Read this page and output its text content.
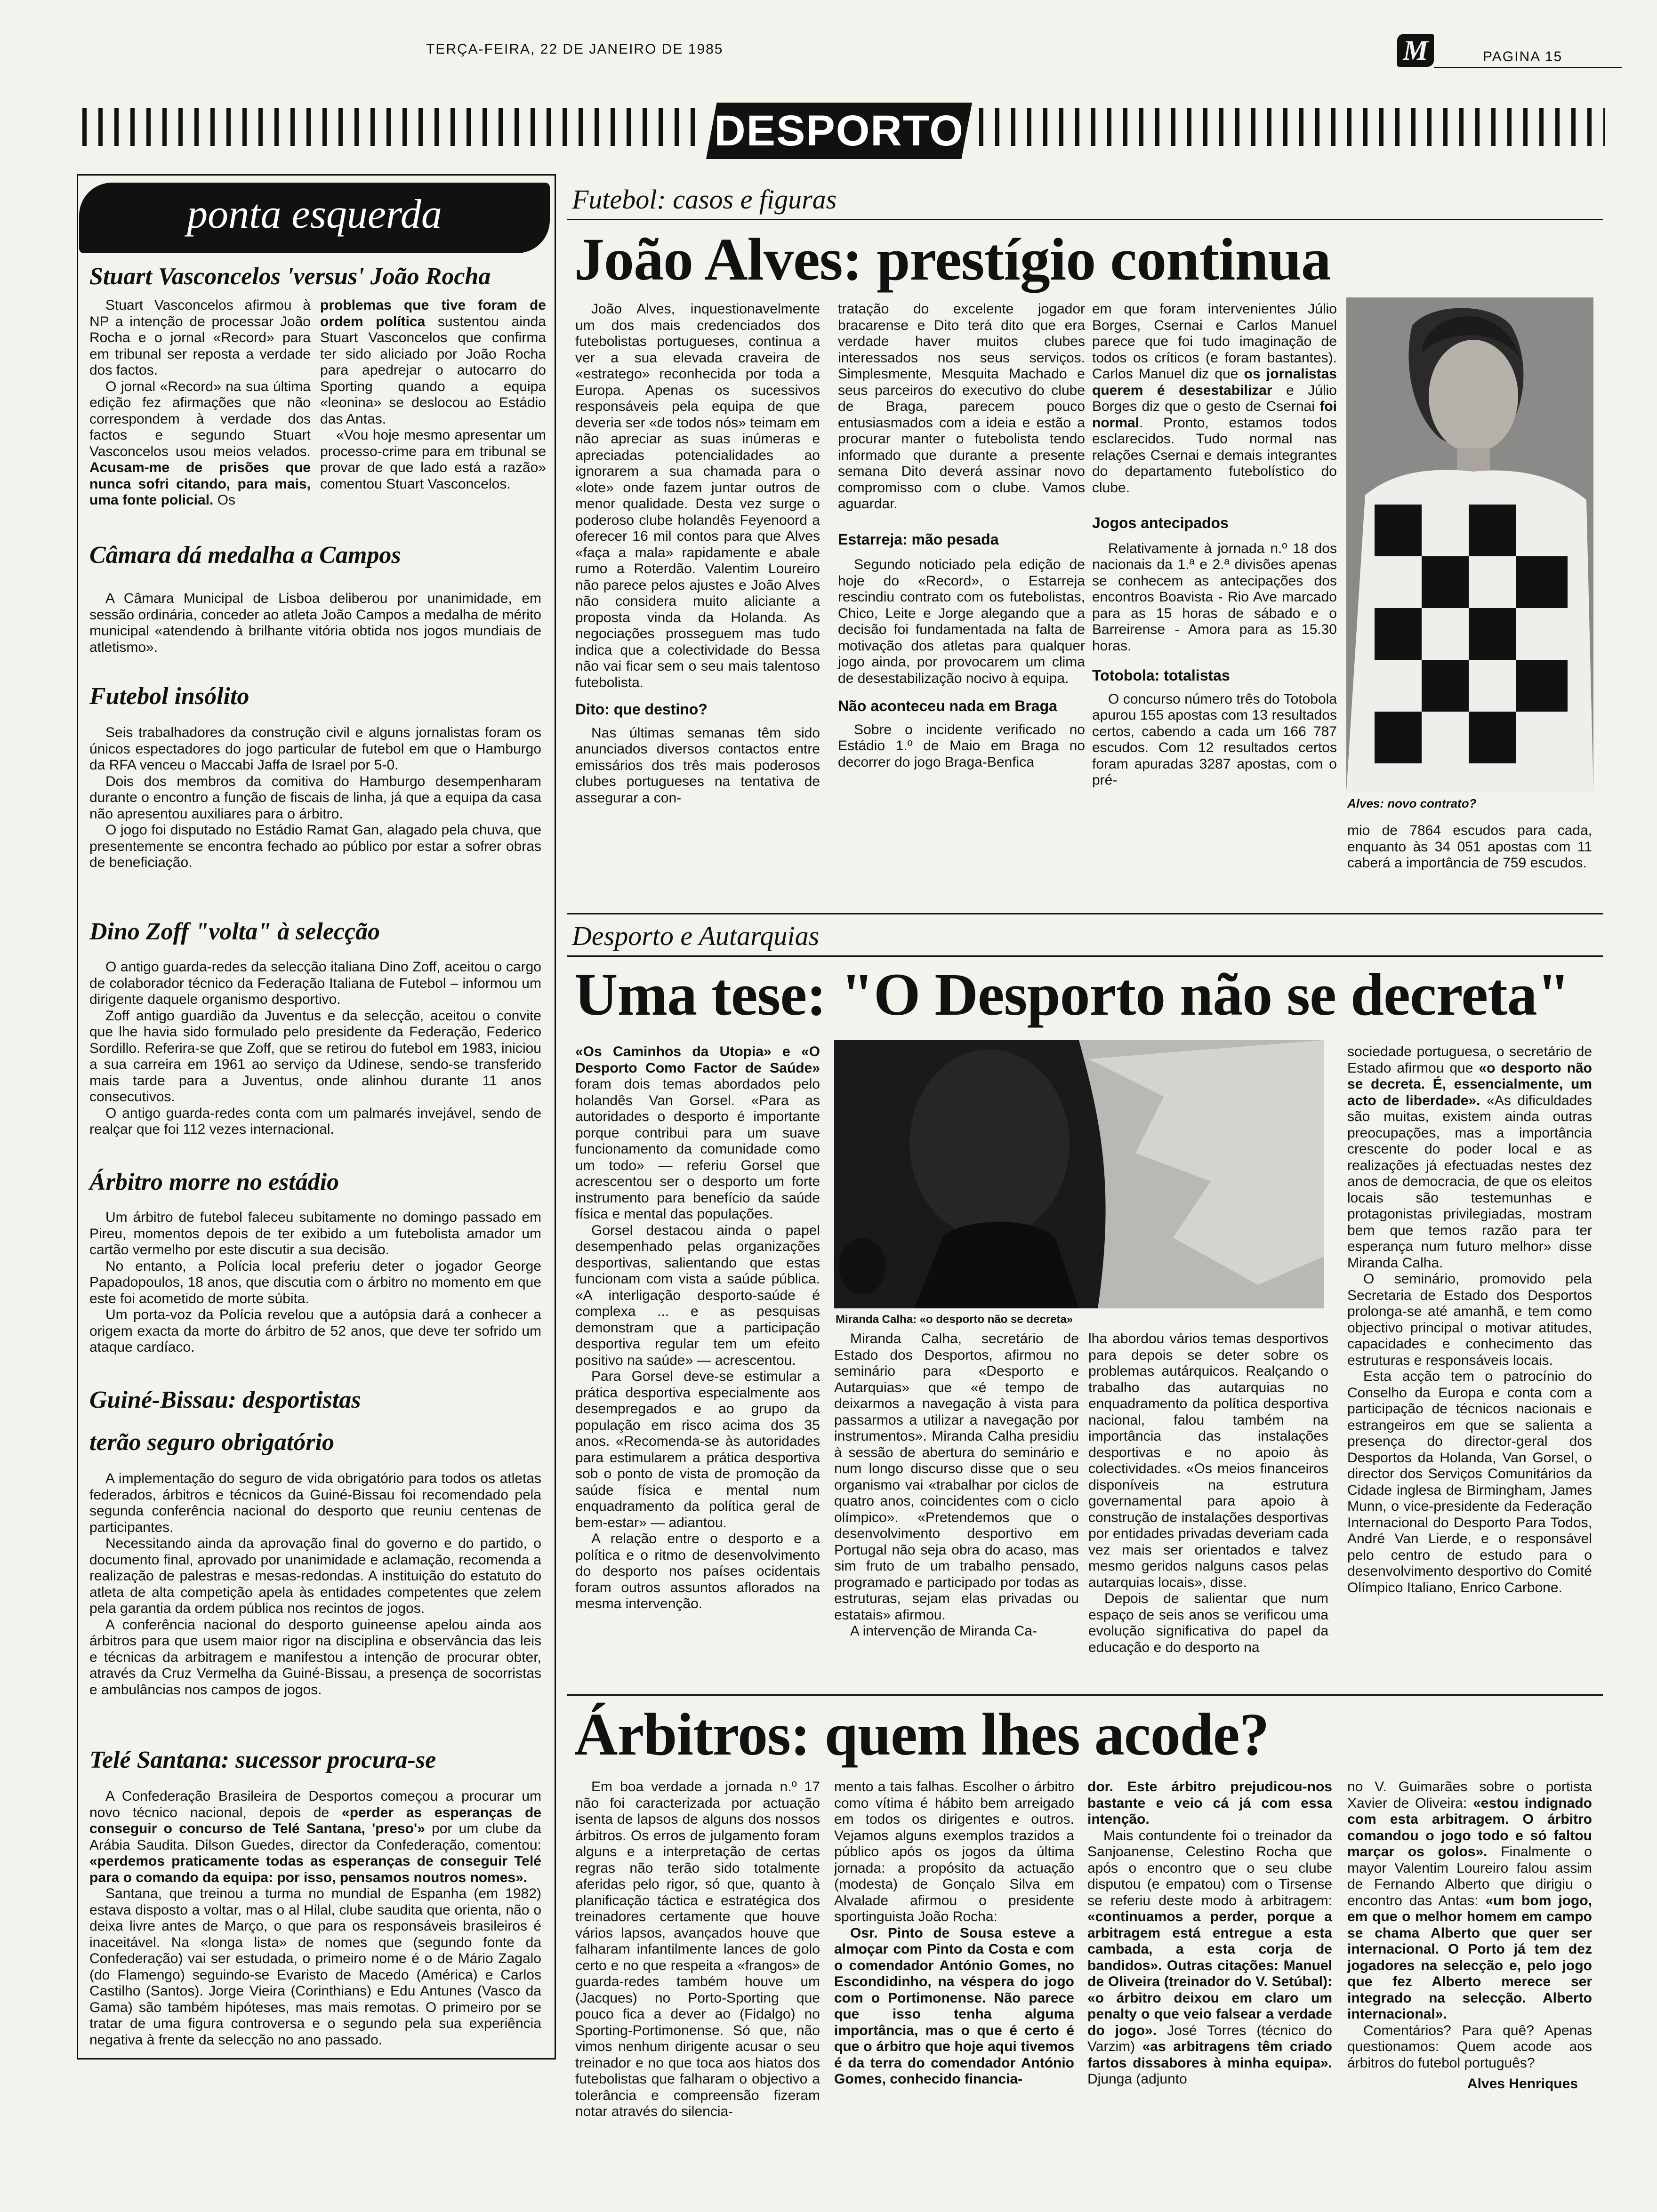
TERÇA-FEIRA, 22 DE JANEIRO DE 1985	M	PAGINA 15
DESPORTO
ponta esquerda
Stuart Vasconcelos 'versus' João Rocha

Stuart Vasconcelos afirmou à NP a intenção de processar João Rocha e o jornal «Record» para em tribunal ser reposta a verdade dos factos.

O jornal «Record» na sua última edição fez afirmações que não correspondem à verdade dos factos e segundo Stuart Vasconcelos usou meios velados. Acusam-me de prisões que nunca sofri citando, para mais, uma fonte policial. Os

problemas que tive foram de ordem política sustentou ainda Stuart Vasconcelos que confirma ter sido aliciado por João Rocha para apedrejar o autocarro do Sporting quando a equipa «leonina» se deslocou ao Estádio das Antas.

«Vou hoje mesmo apresentar um processo-crime para em tribunal se provar de que lado está a razão» comentou Stuart Vasconcelos.

Câmara dá medalha a Campos

A Câmara Municipal de Lisboa deliberou por unanimidade, em sessão ordinária, conceder ao atleta João Campos a medalha de mérito municipal «atendendo à brilhante vitória obtida nos jogos mundiais de atletismo».

Futebol insólito

Seis trabalhadores da construção civil e alguns jornalistas foram os únicos espectadores do jogo particular de futebol em que o Hamburgo da RFA venceu o Maccabi Jaffa de Israel por 5-0.

Dois dos membros da comitiva do Hamburgo desempenharam durante o encontro a função de fiscais de linha, já que a equipa da casa não apresentou auxiliares para o árbitro.

O jogo foi disputado no Estádio Ramat Gan, alagado pela chuva, que presentemente se encontra fechado ao público por estar a sofrer obras de beneficiação.

Dino Zoff "volta" à selecção

O antigo guarda-redes da selecção italiana Dino Zoff, aceitou o cargo de colaborador técnico da Federação Italiana de Futebol – informou um dirigente daquele organismo desportivo.

Zoff antigo guardião da Juventus e da selecção, aceitou o convite que lhe havia sido formulado pelo presidente da Federação, Federico Sordillo. Referira-se que Zoff, que se retirou do futebol em 1983, iniciou a sua carreira em 1961 ao serviço da Udinese, sendo-se transferido mais tarde para a Juventus, onde alinhou durante 11 anos consecutivos.

O antigo guarda-redes conta com um palmarés invejável, sendo de realçar que foi 112 vezes internacional.

Árbitro morre no estádio

Um árbitro de futebol faleceu subitamente no domingo passado em Pireu, momentos depois de ter exibido a um futebolista amador um cartão vermelho por este discutir a sua decisão.

No entanto, a Polícia local preferiu deter o jogador George Papadopoulos, 18 anos, que discutia com o árbitro no momento em que este foi acometido de morte súbita.

Um porta-voz da Polícia revelou que a autópsia dará a conhecer a origem exacta da morte do árbitro de 52 anos, que deve ter sofrido um ataque cardíaco.

Guiné-Bissau: desportistas
terão seguro obrigatório

A implementação do seguro de vida obrigatório para todos os atletas federados, árbitros e técnicos da Guiné-Bissau foi recomendado pela segunda conferência nacional do desporto que reuniu centenas de participantes.

Necessitando ainda da aprovação final do governo e do partido, o documento final, aprovado por unanimidade e aclamação, recomenda a realização de palestras e mesas-redondas. A instituição do estatuto do atleta de alta competição apela às entidades competentes que zelem pela garantia da ordem pública nos recintos de jogos.

A conferência nacional do desporto guineense apelou ainda aos árbitros para que usem maior rigor na disciplina e observância das leis e técnicas da arbitragem e manifestou a intenção de procurar obter, através da Cruz Vermelha da Guiné-Bissau, a presença de socorristas e ambulâncias nos campos de jogos.

Telé Santana: sucessor procura-se

A Confederação Brasileira de Desportos começou a procurar um novo técnico nacional, depois de «perder as esperanças de conseguir o concurso de Telé Santana, 'preso'» por um clube da Arábia Saudita. Dilson Guedes, director da Confederação, comentou: «perdemos praticamente todas as esperanças de conseguir Telé para o comando da equipa: por isso, pensamos noutros nomes».

Santana, que treinou a turma no mundial de Espanha (em 1982) estava disposto a voltar, mas o al Hilal, clube saudita que orienta, não o deixa livre antes de Março, o que para os responsáveis brasileiros é inaceitável. Na «longa lista» de nomes que (segundo fonte da Confederação) vai ser estudada, o primeiro nome é o de Mário Zagalo (do Flamengo) seguindo-se Evaristo de Macedo (América) e Carlos Castilho (Santos). Jorge Vieira (Corinthians) e Edu Antunes (Vasco da Gama) são também hipóteses, mas mais remotas. O primeiro por se tratar de uma figura controversa e o segundo pela sua experiência negativa à frente da selecção no ano passado.

Futebol: casos e figuras
João Alves: prestígio continua

João Alves, inquestionavelmente um dos mais credenciados dos futebolistas portugueses, continua a ver a sua elevada craveira de «estratego» reconhecida por toda a Europa. Apenas os sucessivos responsáveis pela equipa de que deveria ser «de todos nós» teimam em não apreciar as suas inúmeras e apreciadas potencialidades ao ignorarem a sua chamada para o «lote» onde fazem juntar outros de menor qualidade. Desta vez surge o poderoso clube holandês Feyenoord a oferecer 16 mil contos para que Alves «faça a mala» rapidamente e abale rumo a Roterdão. Valentim Loureiro não parece pelos ajustes e João Alves não considera muito aliciante a proposta vinda da Holanda. As negociações prosseguem mas tudo indica que a colectividade do Bessa não vai ficar sem o seu mais talentoso futebolista.

Dito: que destino?

Nas últimas semanas têm sido anunciados diversos contactos entre emissários dos três mais poderosos clubes portugueses na tentativa de assegurar a con-

tratação do excelente jogador bracarense e Dito terá dito que era verdade haver muitos clubes interessados nos seus serviços. Simplesmente, Mesquita Machado e seus parceiros do executivo do clube de Braga, parecem pouco entusiasmados com a ideia e estão a procurar manter o futebolista tendo informado que durante a presente semana Dito deverá assinar novo compromisso com o clube. Vamos aguardar.

Estarreja: mão pesada

Segundo noticiado pela edição de hoje do «Record», o Estarreja rescindiu contrato com os futebolistas, Chico, Leite e Jorge alegando que a decisão foi fundamentada na falta de motivação dos atletas para qualquer jogo ainda, por provocarem um clima de desestabilização nocivo à equipa.

Não aconteceu nada em Braga

Sobre o incidente verificado no Estádio 1.º de Maio em Braga no decorrer do jogo Braga-Benfica

em que foram intervenientes Júlio Borges, Csernai e Carlos Manuel parece que foi tudo imaginação de todos os críticos (e foram bastantes). Carlos Manuel diz que os jornalistas querem é desestabilizar e Júlio Borges diz que o gesto de Csernai foi normal. Pronto, estamos todos esclarecidos. Tudo normal nas relações Csernai e demais integrantes do departamento futebolístico do clube.

Jogos antecipados

Relativamente à jornada n.º 18 dos nacionais da 1.ª e 2.ª divisões apenas se conhecem as antecipações dos encontros Boavista - Rio Ave marcado para as 15 horas de sábado e o Barreirense - Amora para as 15.30 horas.

Totobola: totalistas

O concurso número três do Totobola apurou 155 apostas com 13 resultados certos, cabendo a cada um 166 787 escudos. Com 12 resultados certos foram apuradas 3287 apostas, com o pré-

Alves: novo contrato?

mio de 7864 escudos para cada, enquanto às 34 051 apostas com 11 caberá a importância de 759 escudos.

Desporto e Autarquias
Uma tese: "O Desporto não se decreta"

«Os Caminhos da Utopia» e «O Desporto Como Factor de Saúde» foram dois temas abordados pelo holandês Van Gorsel. «Para as autoridades o desporto é importante porque contribui para um suave funcionamento da comunidade como um todo» — referiu Gorsel que acrescentou ser o desporto um forte instrumento para benefício da saúde física e mental das populações.

Gorsel destacou ainda o papel desempenhado pelas organizações desportivas, salientando que estas funcionam com vista a saúde pública. «A interligação desporto-saúde é complexa ... e as pesquisas demonstram que a participação desportiva regular tem um efeito positivo na saúde» — acrescentou.

Para Gorsel deve-se estimular a prática desportiva especialmente aos desempregados e ao grupo da população em risco acima dos 35 anos. «Recomenda-se às autoridades para estimularem a prática desportiva sob o ponto de vista de promoção da saúde física e mental num enquadramento da política geral de bem-estar» — adiantou.

A relação entre o desporto e a política e o ritmo de desenvolvimento do desporto nos países ocidentais foram outros assuntos aflorados na mesma intervenção.

Miranda Calha: «o desporto não se decreta»

Miranda Calha, secretário de Estado dos Desportos, afirmou no seminário para «Desporto e Autarquias» que «é tempo de deixarmos a navegação à vista para passarmos a utilizar a navegação por instrumentos». Miranda Calha presidiu à sessão de abertura do seminário e num longo discurso disse que o seu organismo vai «trabalhar por ciclos de quatro anos, coincidentes com o ciclo olímpico». «Pretendemos que o desenvolvimento desportivo em Portugal não seja obra do acaso, mas sim fruto de um trabalho pensado, programado e participado por todas as estruturas, sejam elas privadas ou estatais» afirmou.

A intervenção de Miranda Ca-

lha abordou vários temas desportivos para depois se deter sobre os problemas autárquicos. Realçando o trabalho das autarquias no enquadramento da política desportiva nacional, falou também na importância das instalações desportivas e no apoio às colectividades. «Os meios financeiros disponíveis na estrutura governamental para apoio à construção de instalações desportivas por entidades privadas deveriam cada vez mais ser orientados e talvez mesmo geridos nalguns casos pelas autarquias locais», disse.

Depois de salientar que num espaço de seis anos se verificou uma evolução significativa do papel da educação e do desporto na

sociedade portuguesa, o secretário de Estado afirmou que «o desporto não se decreta. É, essencialmente, um acto de liberdade». «As dificuldades são muitas, existem ainda outras preocupações, mas a importância crescente do poder local e as realizações já efectuadas nestes dez anos de democracia, de que os eleitos locais são testemunhas e protagonistas privilegiadas, mostram bem que temos razão para ter esperança num futuro melhor» disse Miranda Calha.

O seminário, promovido pela Secretaria de Estado dos Desportos prolonga-se até amanhã, e tem como objectivo principal o motivar atitudes, capacidades e conhecimento das estruturas e responsáveis locais.

Esta acção tem o patrocínio do Conselho da Europa e conta com a participação de técnicos nacionais e estrangeiros em que se salienta a presença do director-geral dos Desportos da Holanda, Van Gorsel, o director dos Serviços Comunitários da Cidade inglesa de Birmingham, James Munn, o vice-presidente da Federação Internacional do Desporto Para Todos, André Van Lierde, e o responsável pelo centro de estudo para o desenvolvimento desportivo do Comité Olímpico Italiano, Enrico Carbone.

Árbitros: quem lhes acode?

Em boa verdade a jornada n.º 17 não foi caracterizada por actuação isenta de lapsos de alguns dos nossos árbitros. Os erros de julgamento foram alguns e a interpretação de certas regras não terão sido totalmente aferidas pelo rigor, só que, quanto à planificação táctica e estratégica dos treinadores certamente que houve vários lapsos, avançados houve que falharam infantilmente lances de golo certo e no que respeita a «frangos» de guarda-redes também houve um (Jacques) no Porto-Sporting que pouco fica a dever ao (Fidalgo) no Sporting-Portimonense. Só que, não vimos nenhum dirigente acusar o seu treinador e no que toca aos hiatos dos futebolistas que falharam o objectivo a tolerância e compreensão fizeram notar através do silencia-

mento a tais falhas. Escolher o árbitro como vítima é hábito bem arreigado em todos os dirigentes e outros. Vejamos alguns exemplos trazidos a público após os jogos da última jornada: a propósito da actuação (modesta) de Gonçalo Silva em Alvalade afirmou o presidente sportinguista João Rocha:

Osr. Pinto de Sousa esteve a almoçar com Pinto da Costa e com o comendador António Gomes, no Escondidinho, na véspera do jogo com o Portimonense. Não parece que isso tenha alguma importância, mas o que é certo é que o árbitro que hoje aqui tivemos é da terra do comendador António Gomes, conhecido financia-

dor. Este árbitro prejudicou-nos bastante e veio cá já com essa intenção.

Mais contundente foi o treinador da Sanjoanense, Celestino Rocha que após o encontro que o seu clube disputou (e empatou) com o Tirsense se referiu deste modo à arbitragem: «continuamos a perder, porque a arbitragem está entregue a esta cambada, a esta corja de bandidos». Outras citações: Manuel de Oliveira (treinador do V. Setúbal): «o árbitro deixou em claro um penalty o que veio falsear a verdade do jogo». José Torres (técnico do Varzim) «as arbitragens têm criado fartos dissabores à minha equipa». Djunga (adjunto

no V. Guimarães sobre o portista Xavier de Oliveira: «estou indignado com esta arbitragem. O árbitro comandou o jogo todo e só faltou marçar os golos». Finalmente o mayor Valentim Loureiro falou assim de Fernando Alberto que dirigiu o encontro das Antas: «um bom jogo, em que o melhor homem em campo se chama Alberto que quer ser internacional. O Porto já tem dez jogadores na selecção e, pelo jogo que fez Alberto merece ser integrado na selecção. Alberto internacional».

Comentários? Para quê? Apenas questionamos: Quem acode aos árbitros do futebol português?

Alves Henriques
